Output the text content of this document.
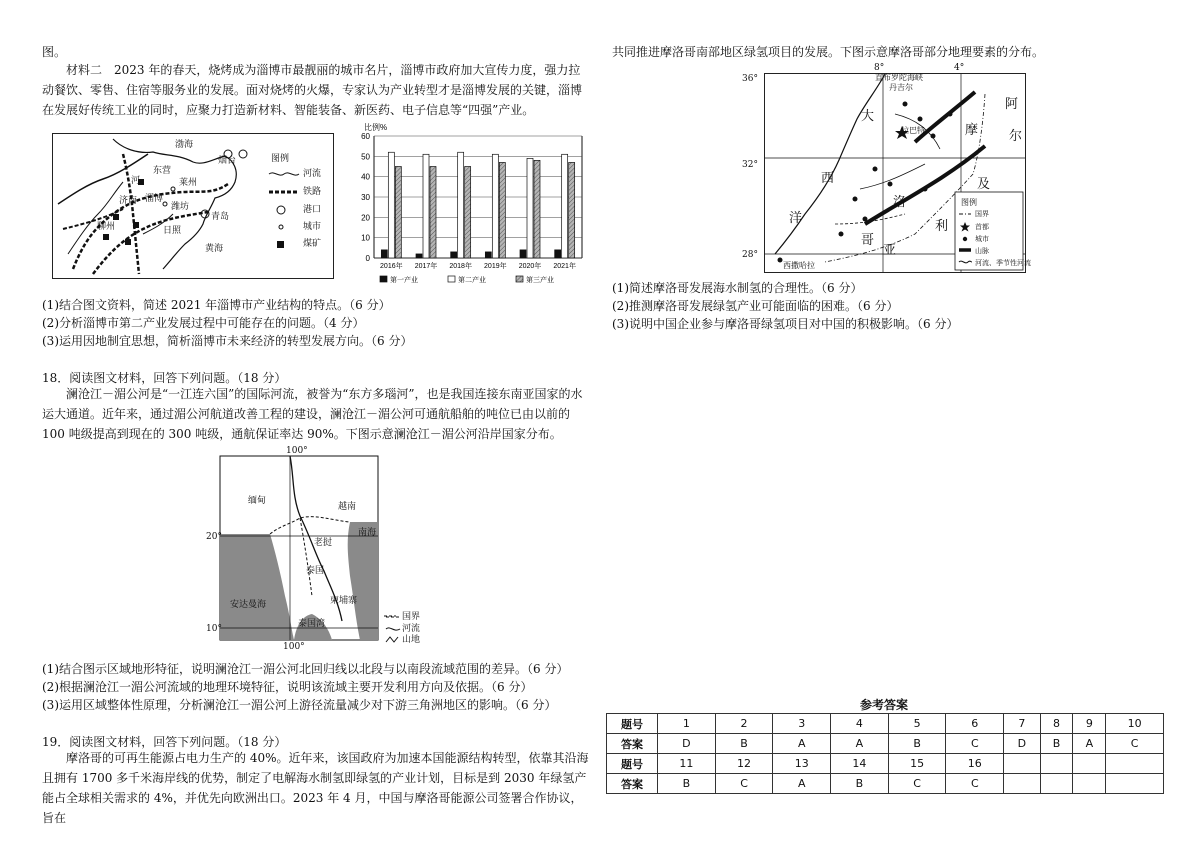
图。

材料二　2023 年的春天，烧烤成为淄博市最靓丽的城市名片，淄博市政府加大宣传力度，强力拉动餐饮、零售、住宿等服务业的发展。面对烧烤的火爆，专家认为产业转型才是淄博发展的关键，淄博在发展好传统工业的同时，应聚力打造新材料、智能装备、新医药、电子信息等“四强”产业。

渤海
烟台
东营
莱州
潍坊
淄博
济南
聊州
河
青岛
日照
黄海
图例
河流
铁路
港口
城市
煤矿
比例%
0
10
20
30
40
50
60
2016年 2017年 2018年 2019年 2020年 2021年
第一产业	第二产业	第三产业
(1)结合图文资料，简述 2021 年淄博市产业结构的特点。（6 分）
(2)分析淄博市第二产业发展过程中可能存在的问题。（4 分）
(3)运用因地制宜思想，简析淄博市未来经济的转型发展方向。（6 分）
18．阅读图文材料，回答下列问题。（18 分）

澜沧江－湄公河是“一江连六国”的国际河流，被誉为“东方多瑙河”，也是我国连接东南亚国家的水运大通道。近年来，通过湄公河航道改善工程的建设，澜沧江－湄公河可通航船舶的吨位已由以前的 100 吨级提高到现在的 300 吨级，通航保证率达 90%。下图示意澜沧江－湄公河沿岸国家分布。

100°
20°
10°
缅甸
老挝
越南
南海
泰国
柬埔寨
安达曼海
泰国湾
100°
国界
河流
山地
(1)结合图示区域地形特征，说明澜沧江一湄公河北回归线以北段与以南段流域范围的差异。（6 分）
(2)根据澜沧江一湄公河流域的地理环境特征，说明该流域主要开发利用方向及依据。（6 分）
(3)运用区域整体性原理，分析澜沧江一湄公河上游径流量减少对下游三角洲地区的影响。（6 分）
19．阅读图文材料，回答下列问题。（18 分）

摩洛哥的可再生能源占电力生产的 40%。近年来，该国政府为加速本国能源结构转型，依靠其沿海且拥有 1700 多千米海岸线的优势，制定了电解海水制氢即绿氢的产业计划，目标是到 2030 年绿氢产能占全球相关需求的 4%，并优先向欧洲出口。2023 年 4 月，中国与摩洛哥能源公司签署合作协议，旨在

共同推进摩洛哥南部地区绿氢项目的发展。下图示意摩洛哥部分地理要素的分布。

直布罗陀海峡
丹吉尔
拉巴特
大
西
洋
摩
洛
哥
阿
尔
及
利
亚
西撒哈拉
图例
国界
首都
城市
山脉
河流、季节性河流
8°	4°
36°
32°
28°
(1)简述摩洛哥发展海水制氢的合理性。（6 分）
(2)推测摩洛哥发展绿氢产业可能面临的困难。（6 分）
(3)说明中国企业参与摩洛哥绿氢项目对中国的积极影响。（6 分）
参考答案
题号	1	2	3	4	5	6	7	8	9	10
答案	D	B	A	A	B	C	D	B	A	C
题号	11	12	13	14	15	16				
答案	B	C	A	B	C	C				
